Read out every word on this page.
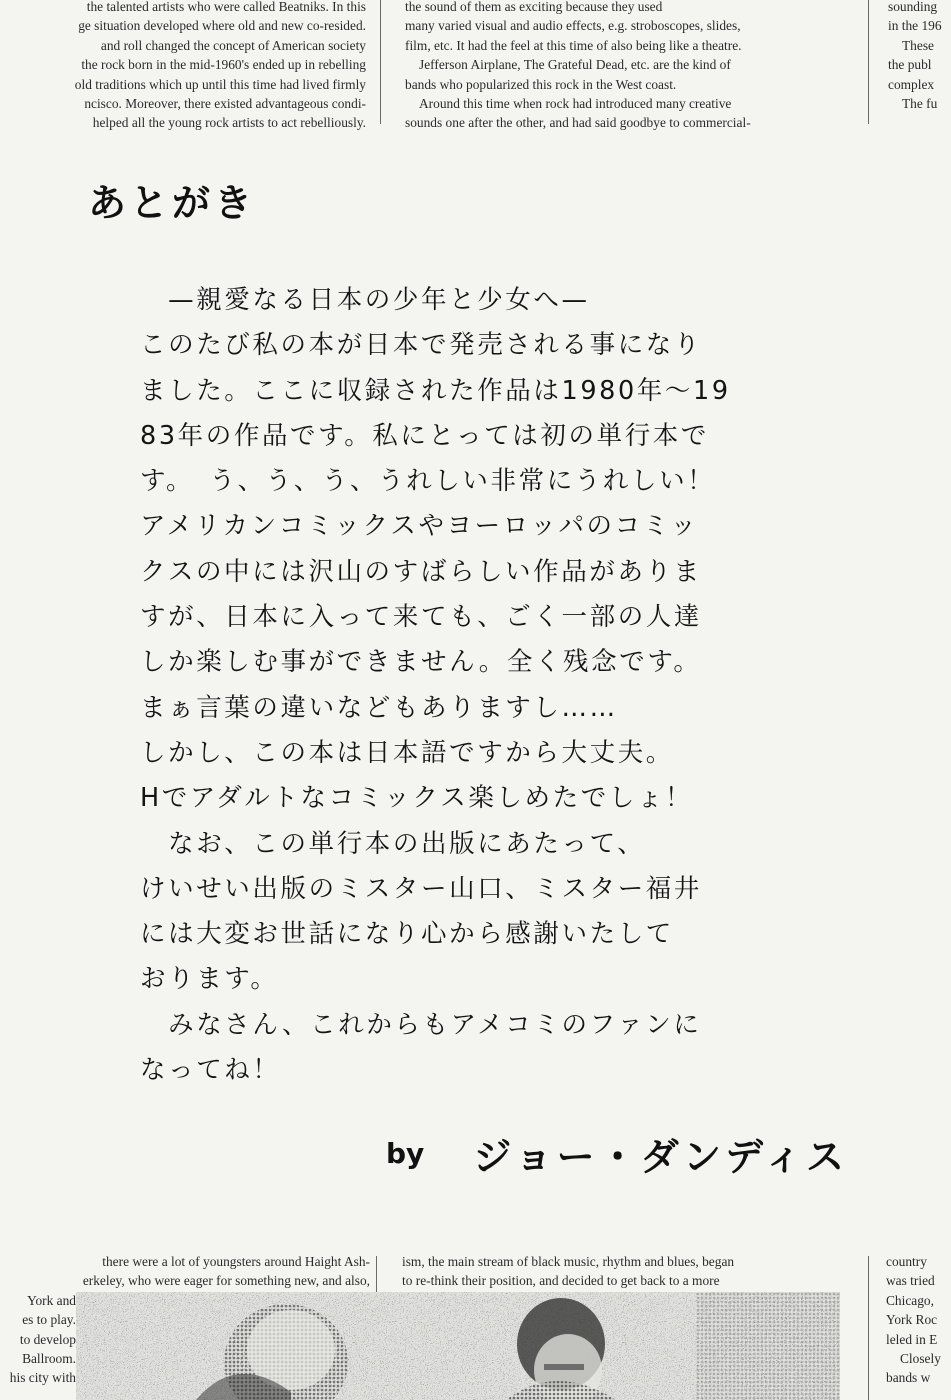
the talented artists who were called Beatniks. In this
ge situation developed where old and new co-resided.
and roll changed the concept of American society
the rock born in the mid-1960's ended up in rebelling
old traditions which up until this time had lived firmly
ncisco. Moreover, there existed advantageous condi-
helped all the young rock artists to act rebelliously.
the sound of them as exciting because they used
many varied visual and audio effects, e.g. stroboscopes, slides,
film, etc. It had the feel at this time of also being like a theatre.
Jefferson Airplane, The Grateful Dead, etc. are the kind of
bands who popularized this rock in the West coast.
Around this time when rock had introduced many creative
sounds one after the other, and had said goodbye to commercial-
sounding
in the 196
These
the publ
complex
The fu
あとがき
　—親愛なる日本の少年と少女へ—
このたび私の本が日本で発売される事になり
ました。ここに収録された作品は1980年～19
83年の作品です。私にとっては初の単行本で
す。　う、う、う、うれしい非常にうれしい！
アメリカンコミックスやヨーロッパのコミッ
クスの中には沢山のすばらしい作品がありま
すが、日本に入って来ても、ごく一部の人達
しか楽しむ事ができません。全く残念です。
まぁ言葉の違いなどもありますし……
しかし、この本は日本語ですから大丈夫。
Hでアダルトなコミックス楽しめたでしょ！
　なお、この単行本の出版にあたって、
けいせい出版のミスター山口、ミスター福井
には大変お世話になり心から感謝いたして
おります。
　みなさん、これからもアメコミのファンに
なってね！
by ジョー・ダンディス
there were a lot of youngsters around Haight Ash-
erkeley, who were eager for something new, and also,
York and
es to play.
to develop
Ballroom.
his city with
ism, the main stream of black music, rhythm and blues, began
to re-think their position, and decided to get back to a more
country
was tried
Chicago,
York Roc
leled in E
Closely
bands w
